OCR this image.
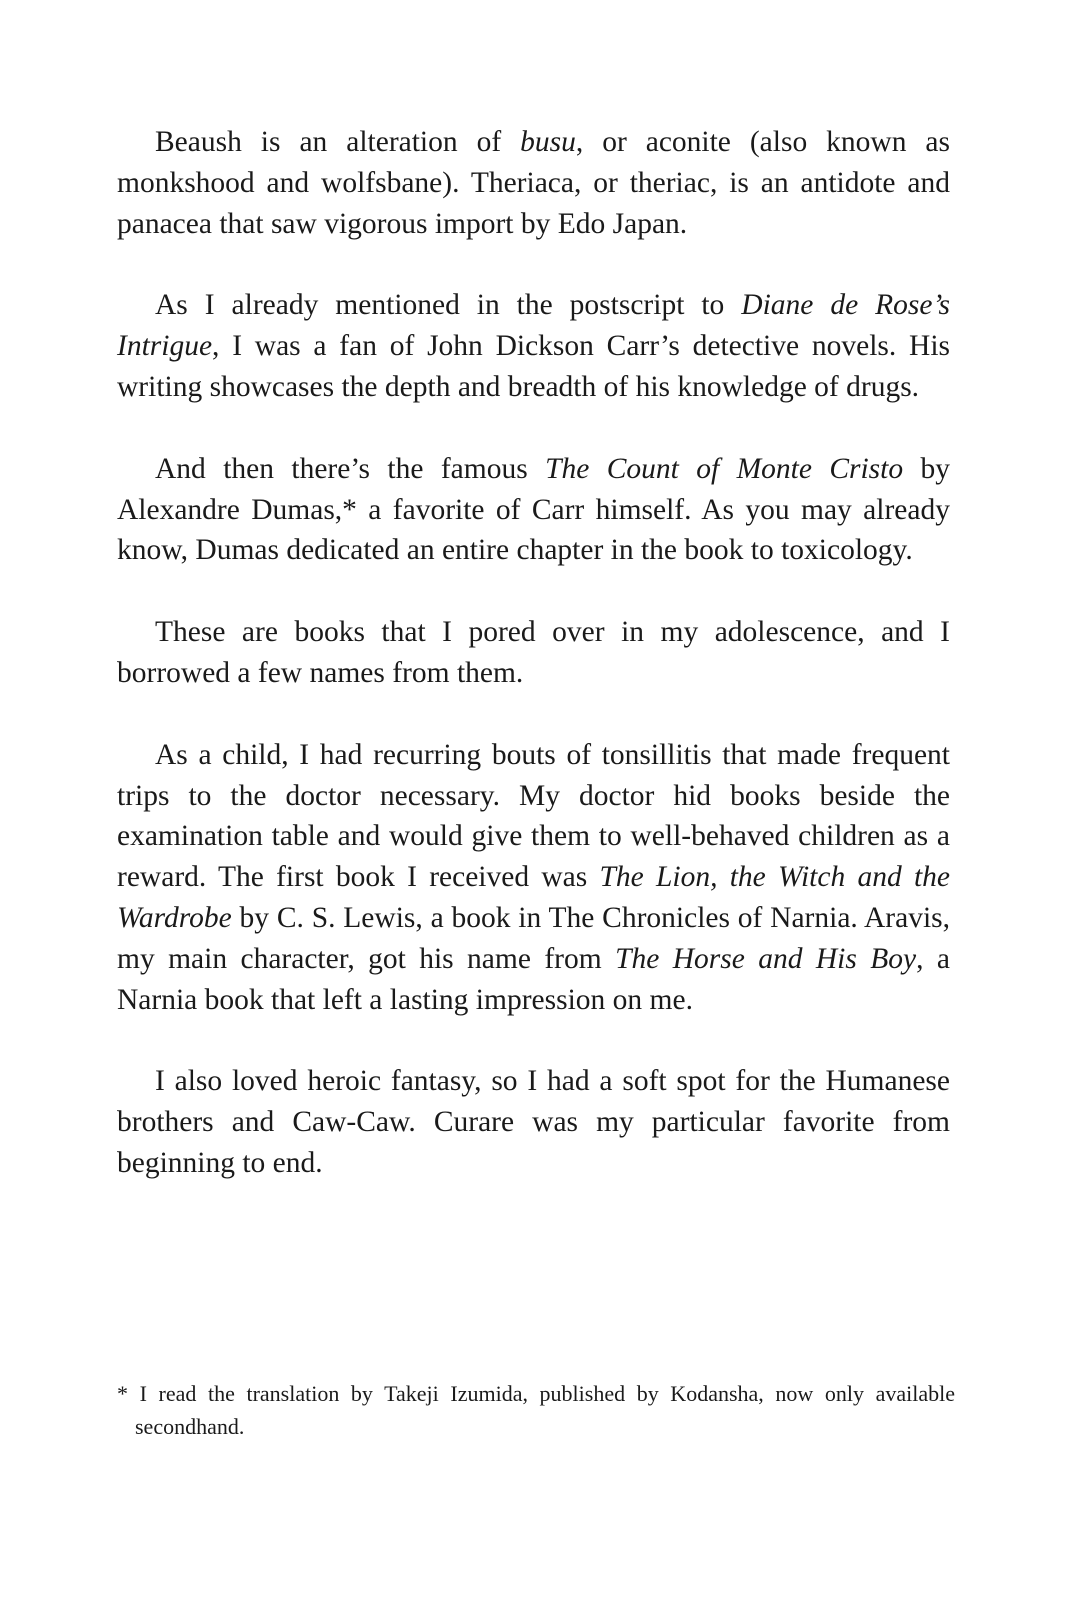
Beaush is an alteration of busu, or aconite (also known as monkshood and wolfsbane). Theriaca, or theriac, is an antidote and panacea that saw vigorous import by Edo Japan.

As I already mentioned in the postscript to Diane de Rose’s Intrigue, I was a fan of John Dickson Carr’s detective novels. His writing showcases the depth and breadth of his knowledge of drugs.

And then there’s the famous The Count of Monte Cristo by Alexandre Dumas,* a favorite of Carr himself. As you may already know, Dumas dedicated an entire chapter in the book to toxicology.

These are books that I pored over in my adolescence, and I borrowed a few names from them.

As a child, I had recurring bouts of tonsillitis that made frequent trips to the doctor necessary. My doctor hid books beside the examination table and would give them to well-behaved children as a reward. The first book I received was The Lion, the Witch and the Wardrobe by C. S. Lewis, a book in The Chronicles of Narnia. Aravis, my main character, got his name from The Horse and His Boy, a Narnia book that left a lasting impression on me.

I also loved heroic fantasy, so I had a soft spot for the Humanese brothers and Caw-Caw. Curare was my particular favorite from beginning to end.

* I read the translation by Takeji Izumida, published by Kodansha, now only available secondhand.
